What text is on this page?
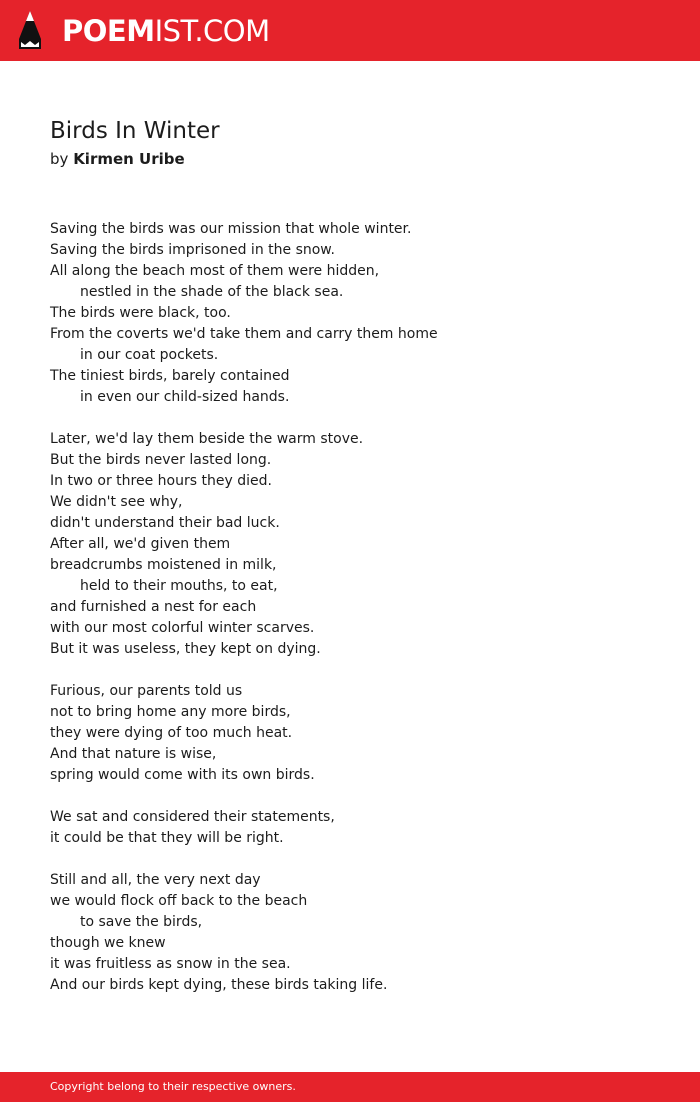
POEMIST.COM
Birds In Winter
by Kirmen Uribe
Saving the birds was our mission that whole winter.
Saving the birds imprisoned in the snow.
All along the beach most of them were hidden,
nestled in the shade of the black sea.
The birds were black, too.
From the coverts we'd take them and carry them home
in our coat pockets.
The tiniest birds, barely contained
in even our child-sized hands.
Later, we'd lay them beside the warm stove.
But the birds never lasted long.
In two or three hours they died.
We didn't see why,
didn't understand their bad luck.
After all, we'd given them
breadcrumbs moistened in milk,
held to their mouths, to eat,
and furnished a nest for each
with our most colorful winter scarves.
But it was useless, they kept on dying.
Furious, our parents told us
not to bring home any more birds,
they were dying of too much heat.
And that nature is wise,
spring would come with its own birds.
We sat and considered their statements,
it could be that they will be right.
Still and all, the very next day
we would flock off back to the beach
to save the birds,
though we knew
it was fruitless as snow in the sea.
And our birds kept dying, these birds taking life.
Copyright belong to their respective owners.
